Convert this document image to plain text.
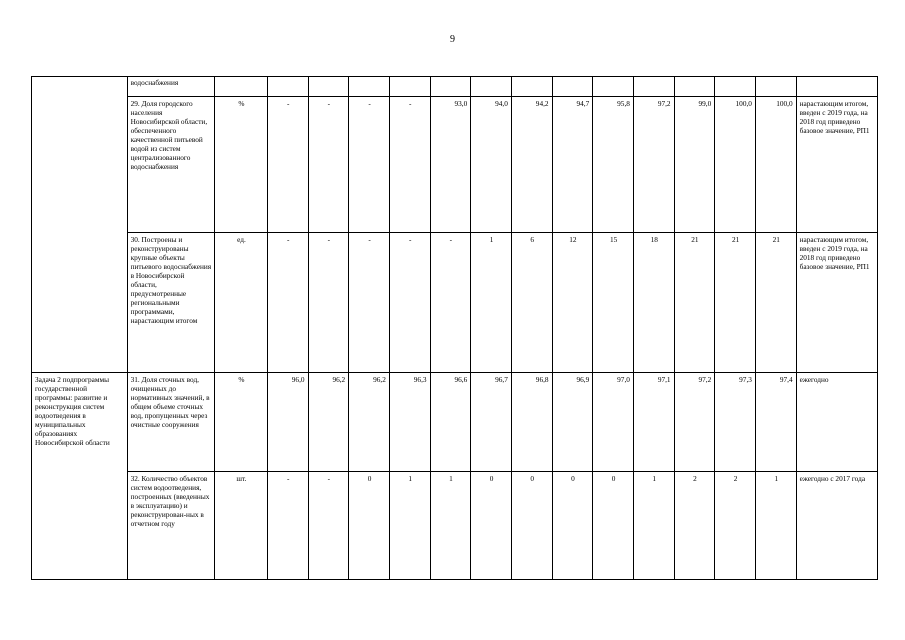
9
	водоснабжения															
	29. Доля городского населения Новосибирской области, обеспеченного качественной питьевой водой из систем централизованного водоснабжения	%	-	-	-	-	93,0	94,0	94,2	94,7	95,8	97,2	99,0	100,0	100,0	нарастающим итогом, введен с 2019 года, на 2018 год приведено базовое значение, РП1
	30. Построены и реконструированы крупные объекты питьевого водоснабжения в Новосибирской области, предусмотренные региональными программами, нарастающим итогом	ед.	-	-	-	-	-	1	6	12	15	18	21	21	21	нарастающим итогом, введен с 2019 года, на 2018 год приведено базовое значение, РП1
Задача 2 подпрограммы государственной программы: развитие и реконструкция систем водоотведения в муниципальных образованиях Новосибирской области	31. Доля сточных вод, очищенных до нормативных значений, в общем объеме сточных вод, пропущенных через очистные сооружения	%	96,0	96,2	96,2	96,3	96,6	96,7	96,8	96,9	97,0	97,1	97,2	97,3	97,4	ежегодно
	32. Количество объектов систем водоотведения, построенных (введенных в эксплуатацию) и реконструирован-ных в отчетном году	шт.	-	-	0	1	1	0	0	0	0	1	2	2	1	ежегодно с 2017 года
